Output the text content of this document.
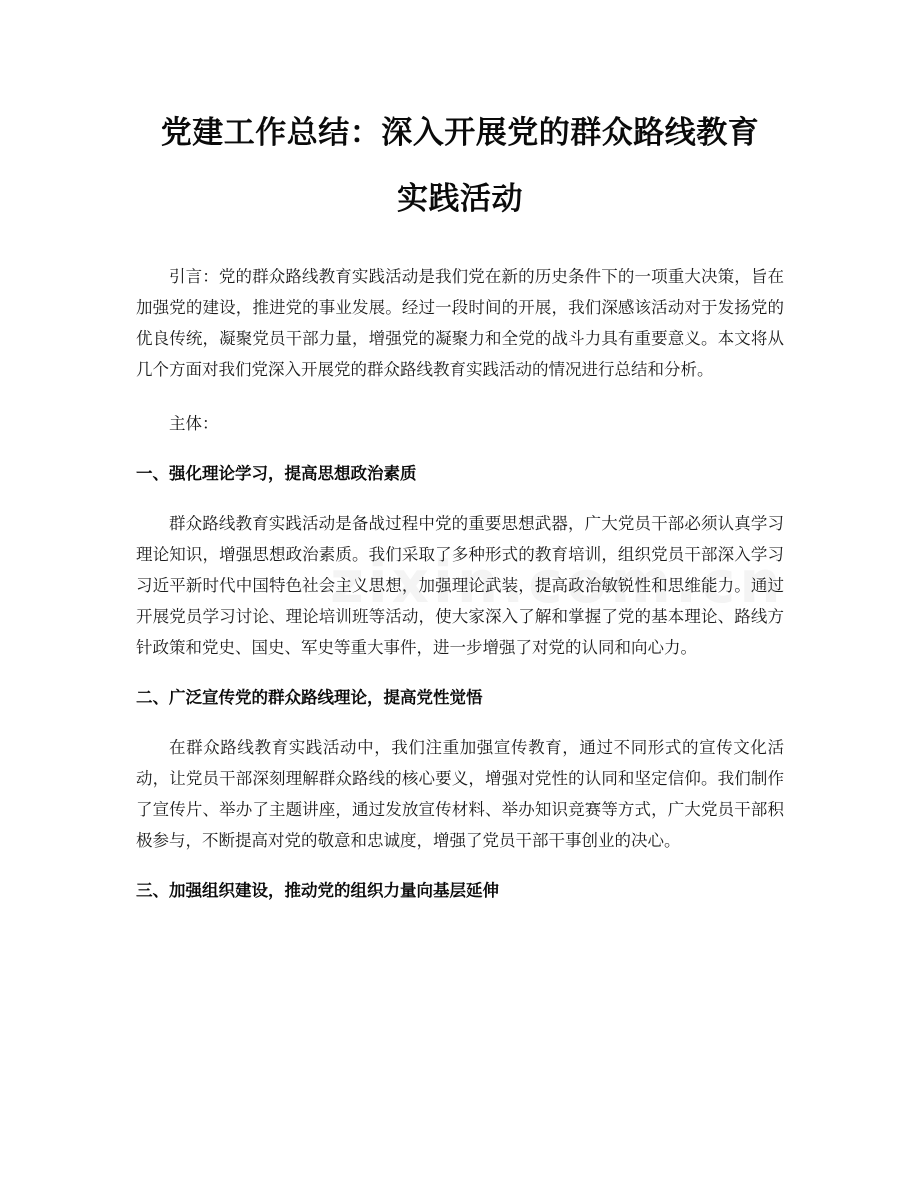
党建工作总结：深入开展党的群众路线教育
实践活动

引言：党的群众路线教育实践活动是我们党在新的历史条件下的一项重大决策，旨在加强党的建设，推进党的事业发展。经过一段时间的开展，我们深感该活动对于发扬党的优良传统，凝聚党员干部力量，增强党的凝聚力和全党的战斗力具有重要意义。本文将从几个方面对我们党深入开展党的群众路线教育实践活动的情况进行总结和分析。

主体：

一、强化理论学习，提高思想政治素质

群众路线教育实践活动是备战过程中党的重要思想武器，广大党员干部必须认真学习理论知识，增强思想政治素质。我们采取了多种形式的教育培训，组织党员干部深入学习习近平新时代中国特色社会主义思想，加强理论武装，提高政治敏锐性和思维能力。通过开展党员学习讨论、理论培训班等活动，使大家深入了解和掌握了党的基本理论、路线方针政策和党史、国史、军史等重大事件，进一步增强了对党的认同和向心力。

二、广泛宣传党的群众路线理论，提高党性觉悟

在群众路线教育实践活动中，我们注重加强宣传教育，通过不同形式的宣传文化活动，让党员干部深刻理解群众路线的核心要义，增强对党性的认同和坚定信仰。我们制作了宣传片、举办了主题讲座，通过发放宣传材料、举办知识竞赛等方式，广大党员干部积极参与，不断提高对党的敬意和忠诚度，增强了党员干部干事创业的决心。

三、加强组织建设，推动党的组织力量向基层延伸
